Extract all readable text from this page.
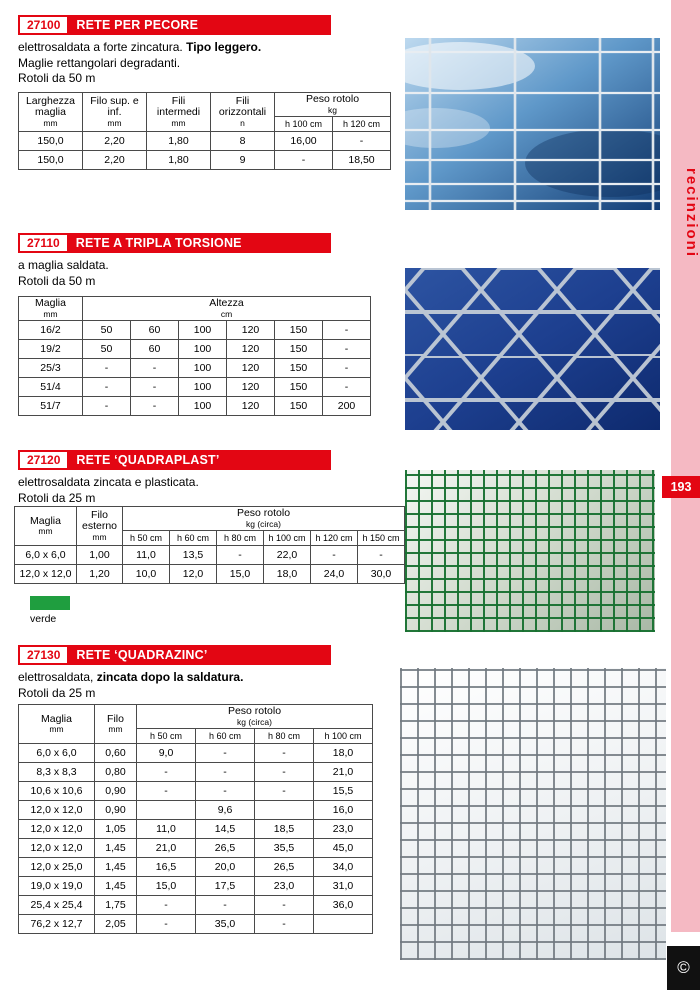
27100	RETE PER PECORE
elettrosaldata a forte zincatura. Tipo leggero.
Maglie rettangolari degradanti.
Rotoli da 50 m
Larghezza maglia
mm	Filo sup. e inf.
mm	Fili intermedi
mm	Fili orizzontali
n	Peso rotolo
kg	

				h 100 cm	h 120 cm
150,0	2,20	1,80	8	16,00	-
150,0	2,20	1,80	9	-	18,50
27110	RETE A TRIPLA TORSIONE
a maglia saldata.
Rotoli da 50 m
Maglia
mm	Altezza
cm					

16/2	50	60	100	120	150	-
19/2	50	60	100	120	150	-
25/3	-	-	100	120	150	-
51/4	-	-	100	120	150	-
51/7	-	-	100	120	150	200
27120	RETE ‘QUADRAPLAST’
elettrosaldata zincata e plasticata.
Rotoli da 25 m
Maglia
mm	Filo esterno
mm	Peso rotolo
kg (circa)					

		h 50 cm	h 60 cm	h 80 cm	h 100 cm	h 120 cm	h 150 cm
6,0 x 6,0	1,00	11,0	13,5	-	22,0	-	-
12,0 x 12,0	1,20	10,0	12,0	15,0	18,0	24,0	30,0
verde
27130	RETE ‘QUADRAZINC’
elettrosaldata, zincata dopo la saldatura.
Rotoli da 25 m
Maglia
mm	Filo
mm	Peso rotolo
kg (circa)			

		h 50 cm	h 60 cm	h 80 cm	h 100 cm
6,0 x 6,0	0,60	9,0	-	-	18,0
8,3 x 8,3	0,80	-	-	-	21,0
10,6 x 10,6	0,90	-	-	-	15,5
12,0 x 12,0	0,90		9,6		16,0
12,0 x 12,0	1,05	11,0	14,5	18,5	23,0
12,0 x 12,0	1,45	21,0	26,5	35,5	45,0
12,0 x 25,0	1,45	16,5	20,0	26,5	34,0
19,0 x 19,0	1,45	15,0	17,5	23,0	31,0
25,4 x 25,4	1,75	-	-	-	36,0
76,2 x 12,7	2,05	-	35,0	-	
recinzioni
193
©
